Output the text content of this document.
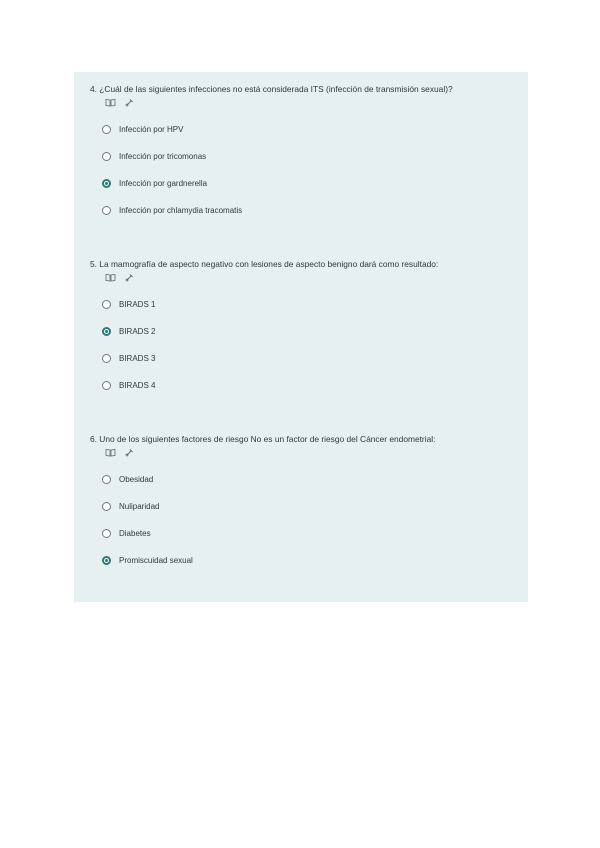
4. ¿Cuál de las siguientes infecciones no está considerada ITS (infección de transmisión sexual)?
Infección por HPV
Infección por tricomonas
Infección por gardnerella
Infección por chlamydia tracomatis
5. La mamografía de aspecto negativo con lesiones de aspecto benigno dará como resultado:
BIRADS 1
BIRADS 2
BIRADS 3
BIRADS 4
6. Uno de los siguientes factores de riesgo No es un factor de riesgo del Cáncer endometrial:
Obesidad
Nuliparidad
Diabetes
Promiscuidad sexual
